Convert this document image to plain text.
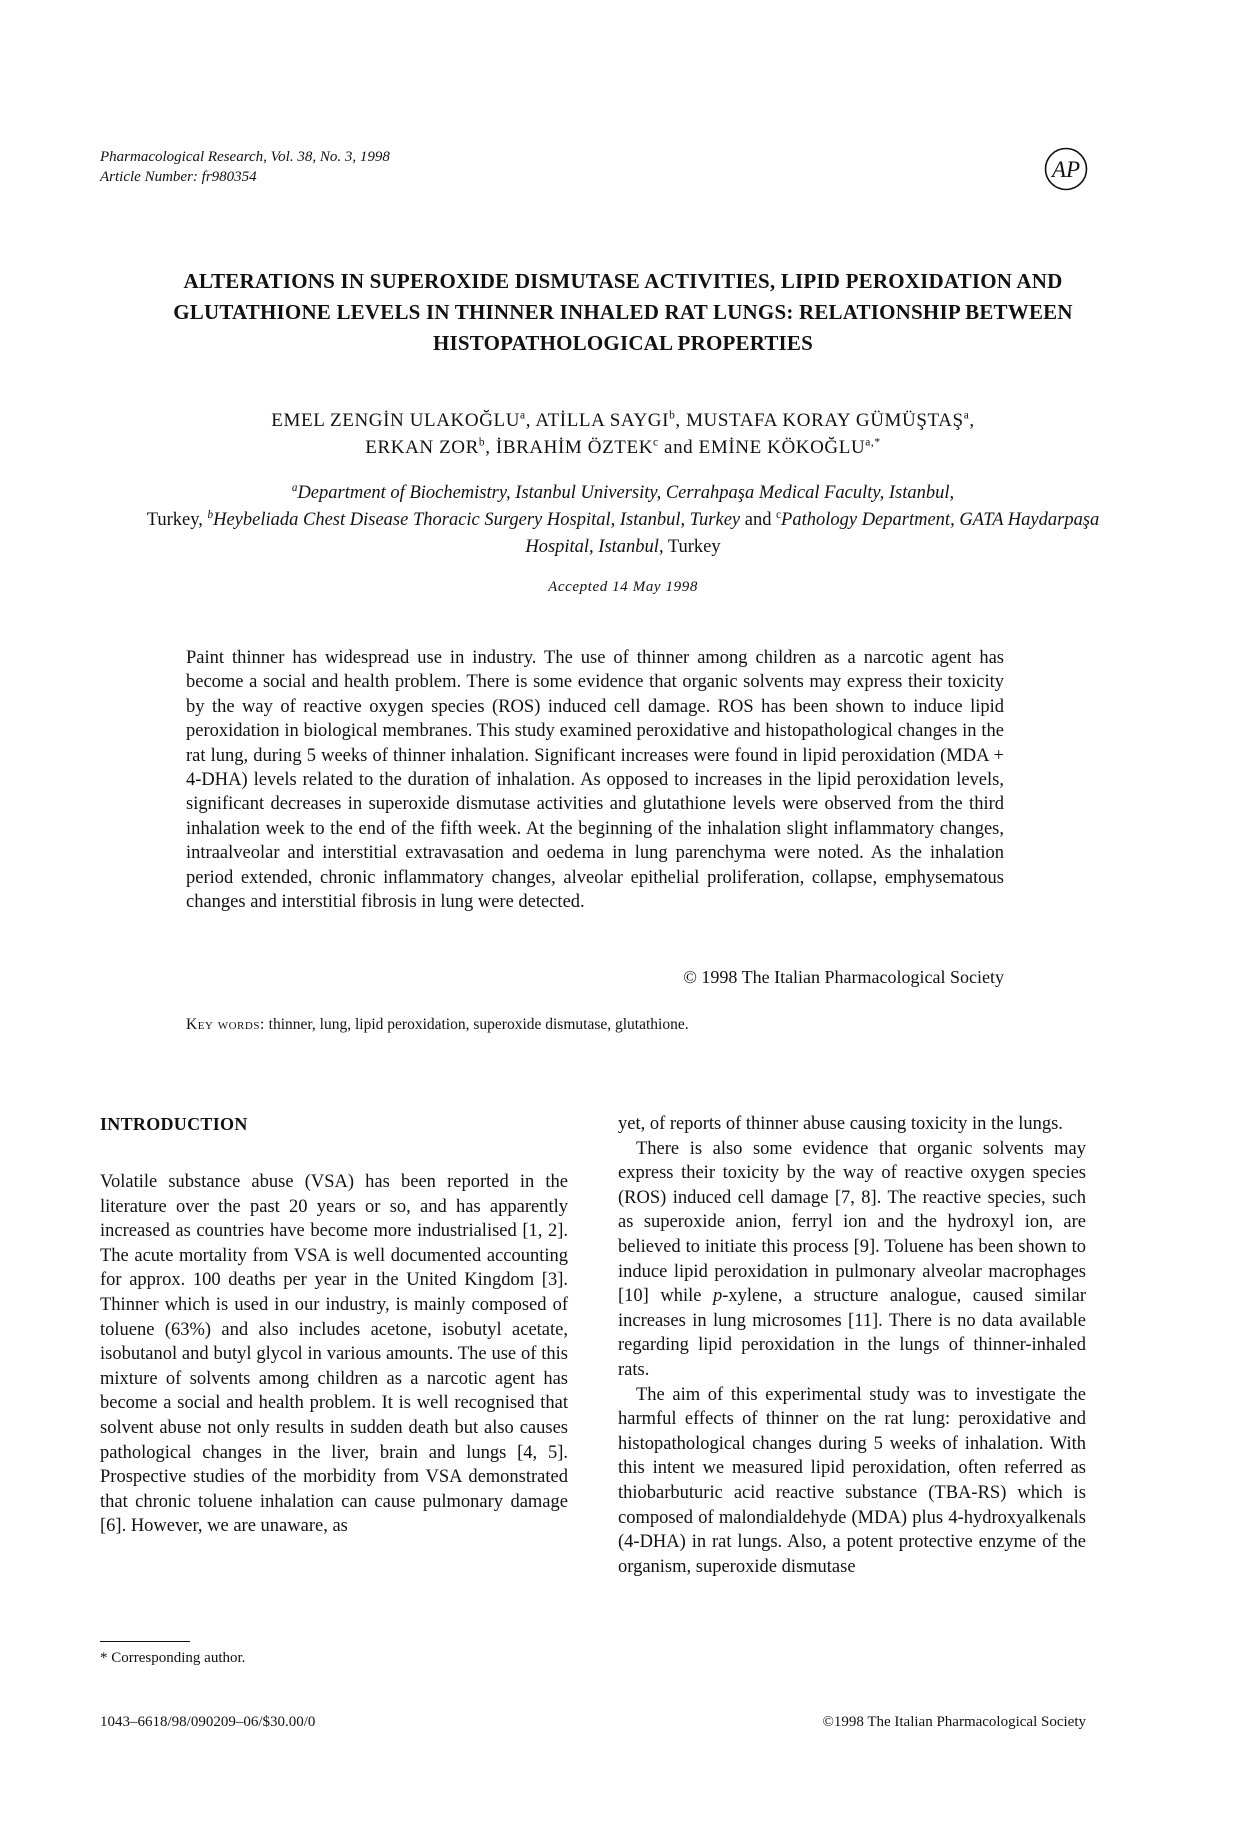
Pharmacological Research, Vol. 38, No. 3, 1998
Article Number: fr980354	AP
ALTERATIONS IN SUPEROXIDE DISMUTASE ACTIVITIES, LIPID PEROXIDATION AND GLUTATHIONE LEVELS IN THINNER INHALED RAT LUNGS: RELATIONSHIP BETWEEN HISTOPATHOLOGICAL PROPERTIES
EMEL ZENGİN ULAKOĞLU$^a$, ATİLLA SAYGI$^b$, MUSTAFA KORAY GÜMÜŞTAŞ$^a$,
ERKAN ZOR$^b$, İBRAHİM ÖZTEK$^c$ and EMİNE $KÖKOĞLU^{a,*}$
$^a$Department of Biochemistry, Istanbul University, Cerrahpaşa Medical Faculty, Istanbul,
Turkey, $^b$Heybeliada Chest Disease Thoracic Surgery Hospital, Istanbul, Turkey and $^c$Pathology Department, GATA Haydarpaşa Hospital, Istanbul, Turkey
Accepted 14 May 1998
Paint thinner has widespread use in industry. The use of thinner among children as a narcotic agent has become a social and health problem. There is some evidence that organic solvents may express their toxicity by the way of reactive oxygen species (ROS) induced cell damage. ROS has been shown to induce lipid peroxidation in biological membranes. This study examined peroxidative and histopathological changes in the rat lung, during 5 weeks of thinner inhalation. Significant increases were found in lipid peroxidation (MDA + 4-DHA) levels related to the duration of inhalation. As opposed to increases in the lipid peroxidation levels, significant decreases in superoxide dismutase activities and glutathione levels were observed from the third inhalation week to the end of the fifth week. At the beginning of the inhalation slight inflammatory changes, intraalveolar and interstitial extravasation and oedema in lung parenchyma were noted. As the inhalation period extended, chronic inflammatory changes, alveolar epithelial proliferation, collapse, emphysematous changes and interstitial fibrosis in lung were detected.
© 1998 The Italian Pharmacological Society
Key words: thinner, lung, lipid peroxidation, superoxide dismutase, glutathione.
INTRODUCTION

Volatile substance abuse (VSA) has been reported in the literature over the past 20 years or so, and has apparently increased as countries have become more industrialised [1, 2]. The acute mortality from VSA is well documented accounting for approx. 100 deaths per year in the United Kingdom [3]. Thinner which is used in our industry, is mainly composed of toluene (63%) and also includes acetone, isobutyl acetate, isobutanol and butyl glycol in various amounts. The use of this mixture of solvents among children as a narcotic agent has become a social and health problem. It is well recognised that solvent abuse not only results in sudden death but also causes pathological changes in the liver, brain and lungs [4, 5]. Prospective studies of the morbidity from VSA demonstrated that chronic toluene inhalation can cause pulmonary damage [6]. However, we are unaware, as

yet, of reports of thinner abuse causing toxicity in the lungs.

There is also some evidence that organic solvents may express their toxicity by the way of reactive oxygen species (ROS) induced cell damage [7, 8]. The reactive species, such as superoxide anion, ferryl ion and the hydroxyl ion, are believed to initiate this process [9]. Toluene has been shown to induce lipid peroxidation in pulmonary alveolar macrophages [10] while p-xylene, a structure analogue, caused similar increases in lung microsomes [11]. There is no data available regarding lipid peroxidation in the lungs of thinner-inhaled rats.

The aim of this experimental study was to investigate the harmful effects of thinner on the rat lung: peroxidative and histopathological changes during 5 weeks of inhalation. With this intent we measured lipid peroxidation, often referred as thiobarbuturic acid reactive substance (TBA-RS) which is composed of malondialdehyde (MDA) plus 4-hydroxyalkenals (4-DHA) in rat lungs. Also, a potent protective enzyme of the organism, superoxide dismutase

* Corresponding author.
1043–6618/98/090209–06/$30.00/0	©1998 The Italian Pharmacological Society
